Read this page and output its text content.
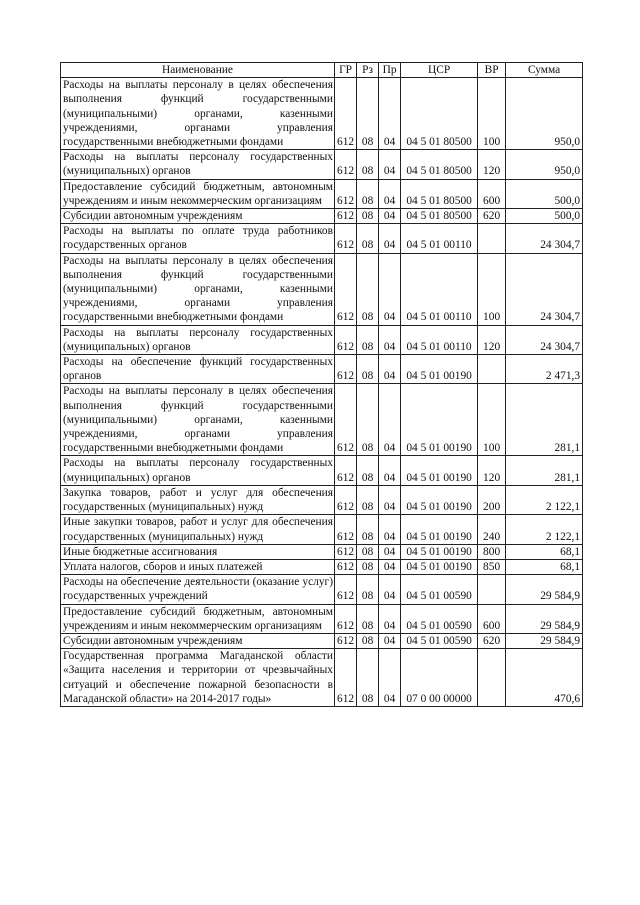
Наименование	ГР	Рз	Пр	ЦСР	ВР	Сумма
Расходы на выплаты персоналу в целях обеспечения выполнения функций государственными (муниципальными) органами, казенными учреждениями, органами управления государственными внебюджетными фондами	612	08	04	04 5 01 80500	100	950,0
Расходы на выплаты персоналу государственных (муниципальных) органов	612	08	04	04 5 01 80500	120	950,0
Предоставление субсидий бюджетным, автономным учреждениям и иным некоммерческим организациям	612	08	04	04 5 01 80500	600	500,0
Субсидии автономным учреждениям	612	08	04	04 5 01 80500	620	500,0
Расходы на выплаты по оплате труда работников государственных органов	612	08	04	04 5 01 00110		24 304,7
Расходы на выплаты персоналу в целях обеспечения выполнения функций государственными (муниципальными) органами, казенными учреждениями, органами управления государственными внебюджетными фондами	612	08	04	04 5 01 00110	100	24 304,7
Расходы на выплаты персоналу государственных (муниципальных) органов	612	08	04	04 5 01 00110	120	24 304,7
Расходы на обеспечение функций государственных органов	612	08	04	04 5 01 00190		2 471,3
Расходы на выплаты персоналу в целях обеспечения выполнения функций государственными (муниципальными) органами, казенными учреждениями, органами управления государственными внебюджетными фондами	612	08	04	04 5 01 00190	100	281,1
Расходы на выплаты персоналу государственных (муниципальных) органов	612	08	04	04 5 01 00190	120	281,1
Закупка товаров, работ и услуг для обеспечения государственных (муниципальных) нужд	612	08	04	04 5 01 00190	200	2 122,1
Иные закупки товаров, работ и услуг для обеспечения государственных (муниципальных) нужд	612	08	04	04 5 01 00190	240	2 122,1
Иные бюджетные ассигнования	612	08	04	04 5 01 00190	800	68,1
Уплата налогов, сборов и иных платежей	612	08	04	04 5 01 00190	850	68,1
Расходы на обеспечение деятельности (оказание услуг) государственных учреждений	612	08	04	04 5 01 00590		29 584,9
Предоставление субсидий бюджетным, автономным учреждениям и иным некоммерческим организациям	612	08	04	04 5 01 00590	600	29 584,9
Субсидии автономным учреждениям	612	08	04	04 5 01 00590	620	29 584,9
Государственная программа Магаданской области «Защита населения и территории от чрезвычайных ситуаций и обеспечение пожарной безопасности в Магаданской области» на 2014-2017 годы»	612	08	04	07 0 00 00000		470,6
